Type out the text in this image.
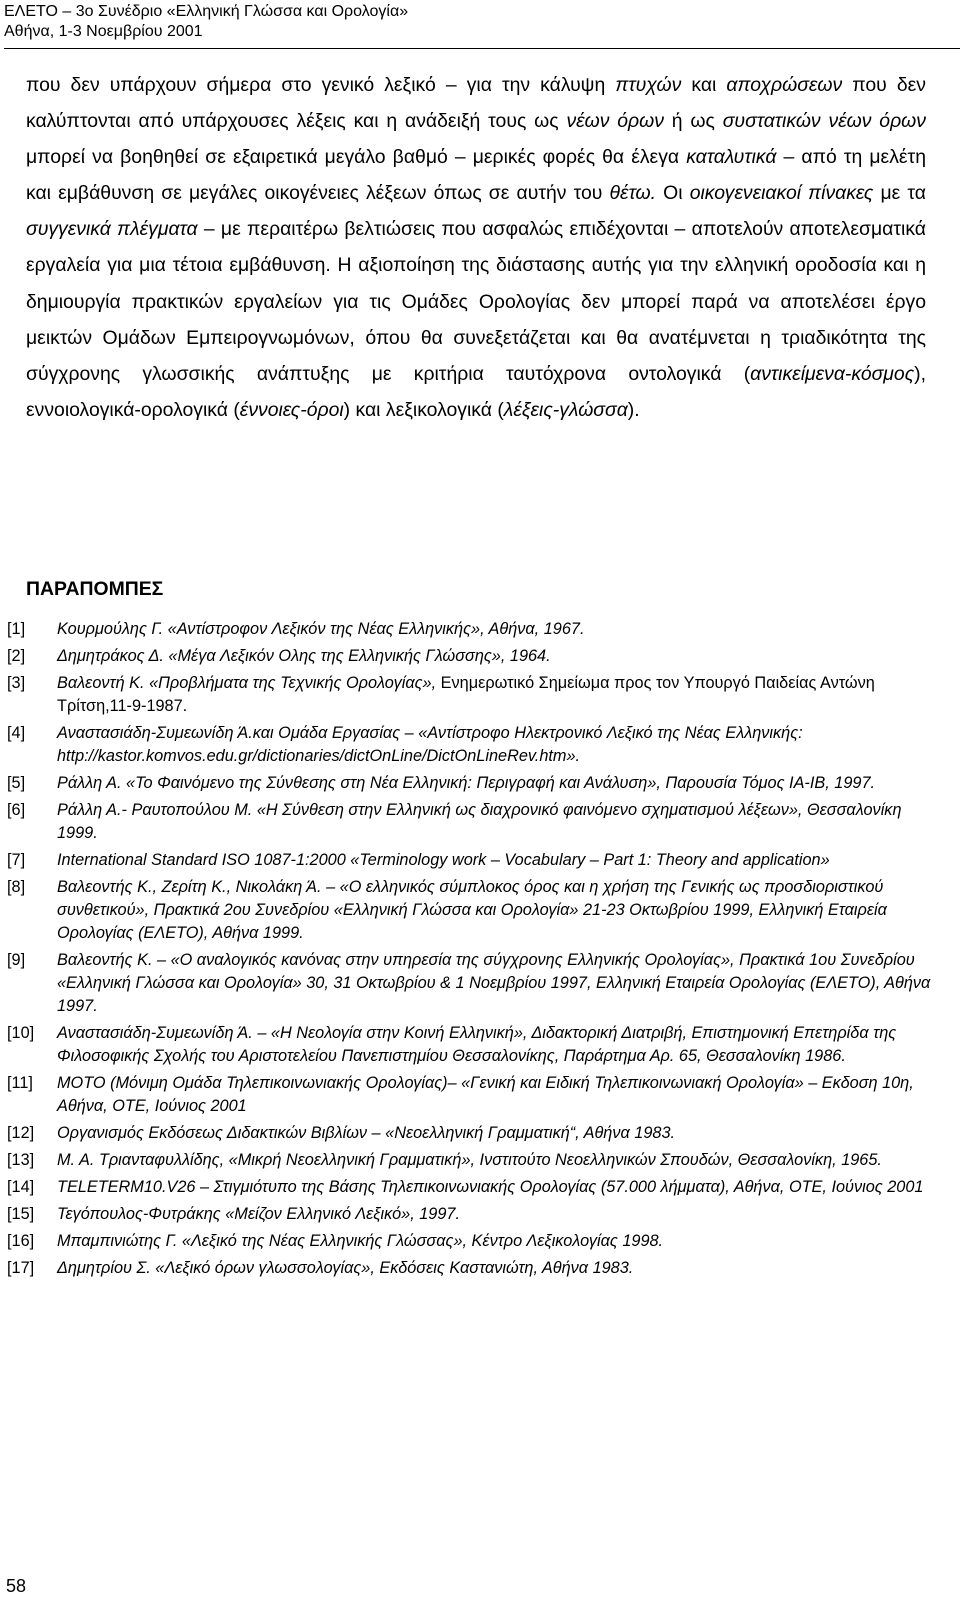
ΕΛΕΤΟ – 3ο Συνέδριο «Ελληνική Γλώσσα και Ορολογία»
Αθήνα, 1-3 Νοεμβρίου 2001

που δεν υπάρχουν σήμερα στο γενικό λεξικό – για την κάλυψη πτυχών και αποχρώσεων που δεν καλύπτονται από υπάρχουσες λέξεις και η ανάδειξή τους ως νέων όρων ή ως συστατικών νέων όρων μπορεί να βοηθηθεί σε εξαιρετικά μεγάλο βαθμό – μερικές φορές θα έλεγα καταλυτικά – από τη μελέτη και εμβάθυνση σε μεγάλες οικογένειες λέξεων όπως σε αυτήν του θέτω. Οι οικογενειακοί πίνακες με τα συγγενικά πλέγματα – με περαιτέρω βελτιώσεις που ασφαλώς επιδέχονται – αποτελούν αποτελεσματικά εργαλεία για μια τέτοια εμβάθυνση. Η αξιοποίηση της διάστασης αυτής για την ελληνική ορoδοσία και η δημιουργία πρακτικών εργαλείων για τις Ομάδες Ορολογίας δεν μπορεί παρά να αποτελέσει έργο μεικτών Ομάδων Εμπειρογνωμόνων, όπου θα συνεξετάζεται και θα ανατέμνεται η τριαδικότητα της σύγχρονης γλωσσικής ανάπτυξης με κριτήρια ταυτόχρονα οντολογικά (αντικείμενα-κόσμος), εννοιολογικά-ορολογικά (έννοιες-όροι) και λεξικολογικά (λέξεις-γλώσσα).

ΠΑΡΑΠΟΜΠΕΣ
[1]	Κουρμούλης Γ. «Αντίστροφον Λεξικόν της Νέας Ελληνικής», Αθήνα, 1967.
[2]	Δημητράκος Δ. «Μέγα Λεξικόν Ολης της Ελληνικής Γλώσσης», 1964.
[3]	Βαλεοντή Κ. «Προβλήματα της Τεχνικής Ορολογίας», Ενημερωτικό Σημείωμα προς τον Υπουργό Παιδείας Αντώνη Τρίτση,11-9-1987.
[4]	Αναστασιάδη-Συμεωνίδη Ά.και Ομάδα Εργασίας – «Αντίστροφο Ηλεκτρονικό Λεξικό της Νέας Ελληνικής: http://kastor.komvos.edu.gr/dictionaries/dictOnLine/DictOnLineRev.htm».
[5]	Ράλλη Α. «Το Φαινόμενο της Σύνθεσης στη Νέα Ελληνική: Περιγραφή και Ανάλυση», Παρουσία Τόμος ΙΑ-ΙΒ, 1997.
[6]	Ράλλη Α.- Ραυτοπούλου Μ. «Η Σύνθεση στην Ελληνική ως διαχρονικό φαινόμενο σχηματισμού λέξεων», Θεσσαλονίκη 1999.
[7]	International Standard ISO 1087-1:2000 «Terminology work – Vocabulary – Part 1: Theory and application»
[8]	Βαλεοντής Κ., Ζερίτη Κ., Νικολάκη Ά. – «Ο ελληνικός σύμπλοκος όρος και η χρήση της Γενικής ως προσδιοριστικού συνθετικού», Πρακτικά 2ου Συνεδρίου «Ελληνική Γλώσσα και Ορολογία» 21-23 Οκτωβρίου 1999, Ελληνική Εταιρεία Ορολογίας (ΕΛΕΤΟ), Αθήνα 1999.
[9]	Βαλεοντής Κ. – «Ο αναλογικός κανόνας στην υπηρεσία της σύγχρονης Ελληνικής Ορολογίας», Πρακτικά 1ου Συνεδρίου «Ελληνική Γλώσσα και Ορολογία» 30, 31 Οκτωβρίου & 1 Νοεμβρίου 1997, Ελληνική Εταιρεία Ορολογίας (ΕΛΕΤΟ), Αθήνα 1997.
[10]	Αναστασιάδη-Συμεωνίδη Ά. – «Η Νεολογία στην Κοινή Ελληνική», Διδακτορική Διατριβή, Επιστημονική Επετηρίδα της Φιλοσοφικής Σχολής του Αριστοτελείου Πανεπιστημίου Θεσσαλονίκης, Παράρτημα Αρ. 65, Θεσσαλονίκη 1986.
[11]	ΜΟΤΟ (Μόνιμη Ομάδα Τηλεπικοινωνιακής Ορολογίας)– «Γενική και Ειδική Τηλεπικοινωνιακή Ορολογία» – Εκδοση 10η, Αθήνα, ΟΤΕ, Ιούνιος 2001
[12]	Οργανισμός Εκδόσεως Διδακτικών Βιβλίων – «Νεοελληνική Γραμματική“, Αθήνα 1983.
[13]	Μ. Α. Τριανταφυλλίδης, «Μικρή Νεοελληνική Γραμματική», Ινστιτούτο Νεοελληνικών Σπουδών, Θεσσαλονίκη, 1965.
[14]	TELETERM10.V26 – Στιγμιότυπο της Βάσης Τηλεπικοινωνιακής Ορολογίας (57.000 λήμματα), Αθήνα, ΟΤΕ, Ιούνιος 2001
[15]	Τεγόπουλος-Φυτράκης «Μείζον Ελληνικό Λεξικό», 1997.
[16]	Μπαμπινιώτης Γ. «Λεξικό της Νέας Ελληνικής Γλώσσας», Κέντρο Λεξικολογίας 1998.
[17]	Δημητρίου Σ. «Λεξικό όρων γλωσσολογίας», Εκδόσεις Καστανιώτη, Αθήνα 1983.
58
